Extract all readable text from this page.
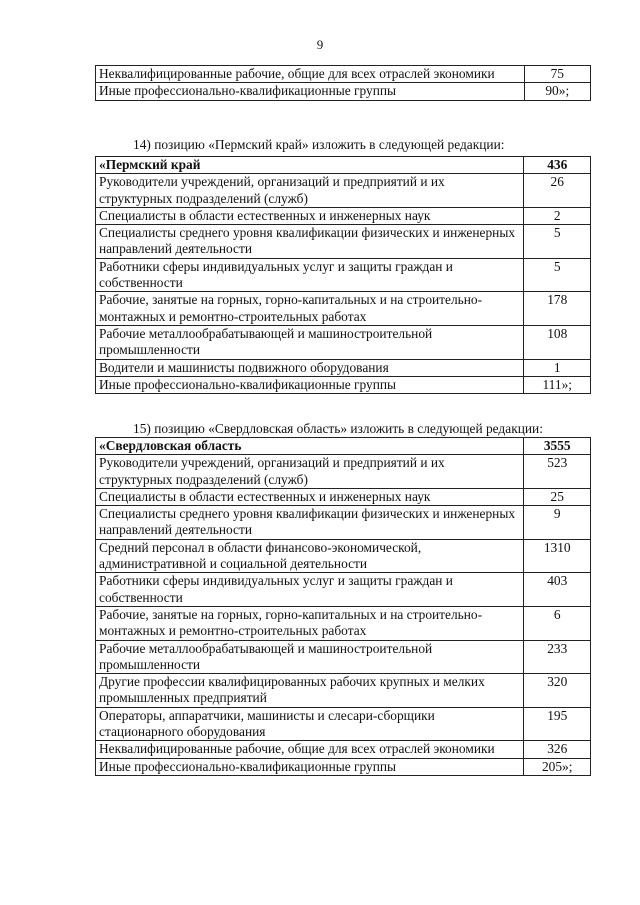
9
Неквалифицированные рабочие, общие для всех отраслей экономики	75
Иные профессионально-квалификационные группы	90»;
14) позицию «Пермский край» изложить в следующей редакции:
«Пермский край	436
Руководители учреждений, организаций и предприятий и их структурных подразделений (служб)	26
Специалисты в области естественных и инженерных наук	2
Специалисты среднего уровня квалификации физических и инженерных направлений деятельности	5
Работники сферы индивидуальных услуг и защиты граждан и собственности	5
Рабочие, занятые на горных, горно-капитальных и на строительно-монтажных и ремонтно-строительных работах	178
Рабочие металлообрабатывающей и машиностроительной промышленности	108
Водители и машинисты подвижного оборудования	1
Иные профессионально-квалификационные группы	111»;
15) позицию «Свердловская область» изложить в следующей редакции:
«Свердловская область	3555
Руководители учреждений, организаций и предприятий и их структурных подразделений (служб)	523
Специалисты в области естественных и инженерных наук	25
Специалисты среднего уровня квалификации физических и инженерных направлений деятельности	9
Средний персонал в области финансово-экономической, административной и социальной деятельности	1310
Работники сферы индивидуальных услуг и защиты граждан и собственности	403
Рабочие, занятые на горных, горно-капитальных и на строительно-монтажных и ремонтно-строительных работах	6
Рабочие металлообрабатывающей и машиностроительной промышленности	233
Другие профессии квалифицированных рабочих крупных и мелких промышленных предприятий	320
Операторы, аппаратчики, машинисты и слесари-сборщики стационарного оборудования	195
Неквалифицированные рабочие, общие для всех отраслей экономики	326
Иные профессионально-квалификационные группы	205»;
